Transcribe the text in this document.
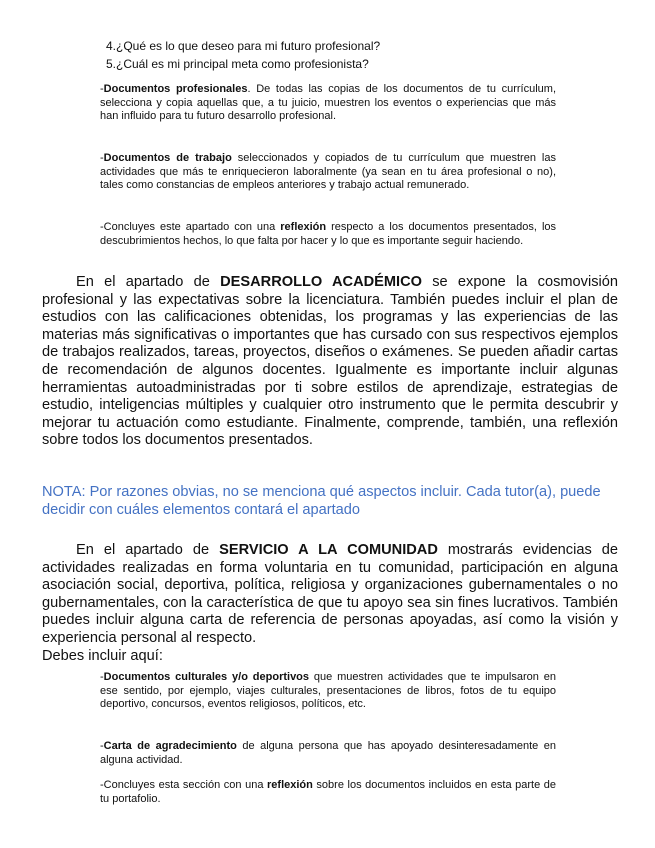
4.¿Qué es lo que deseo para mi futuro profesional?
5.¿Cuál es mi principal meta como profesionista?
-Documentos profesionales. De todas las copias de los documentos de tu currículum, selecciona y copia aquellas que, a tu juicio, muestren los eventos o experiencias que más han influido para tu futuro desarrollo profesional.
-Documentos de trabajo seleccionados y copiados de tu currículum que muestren las actividades que más te enriquecieron laboralmente (ya sean en tu área profesional o no), tales como constancias de empleos anteriores y trabajo actual remunerado.
-Concluyes este apartado con una reflexión respecto a los documentos presentados, los descubrimientos hechos, lo que falta por hacer y lo que es importante seguir haciendo.

En el apartado de DESARROLLO ACADÉMICO se expone la cosmovisión profesional y las expectativas sobre la licenciatura. También puedes incluir el plan de estudios con las calificaciones obtenidas, los programas y las experiencias de las materias más significativas o importantes que has cursado con sus respectivos ejemplos de trabajos realizados, tareas, proyectos, diseños o exámenes. Se pueden añadir cartas de recomendación de algunos docentes. Igualmente es importante incluir algunas herramientas autoadministradas por ti sobre estilos de aprendizaje, estrategias de estudio, inteligencias múltiples y cualquier otro instrumento que le permita descubrir y mejorar tu actuación como estudiante. Finalmente, comprende, también, una reflexión sobre todos los documentos presentados.

NOTA: Por razones obvias, no se menciona qué aspectos incluir. Cada tutor(a), puede decidir con cuáles elementos contará el apartado

En el apartado de SERVICIO A LA COMUNIDAD mostrarás evidencias de actividades realizadas en forma voluntaria en tu comunidad, participación en alguna asociación social, deportiva, política, religiosa y organizaciones gubernamentales o no gubernamentales, con la característica de que tu apoyo sea sin fines lucrativos. También puedes incluir alguna carta de referencia de personas apoyadas, así como la visión y experiencia personal al respecto.

Debes incluir aquí:

-Documentos culturales y/o deportivos que muestren actividades que te impulsaron en ese sentido, por ejemplo, viajes culturales, presentaciones de libros, fotos de tu equipo deportivo, concursos, eventos religiosos, políticos, etc.
-Carta de agradecimiento de alguna persona que has apoyado desinteresadamente en alguna actividad.
-Concluyes esta sección con una reflexión sobre los documentos incluidos en esta parte de tu portafolio.
